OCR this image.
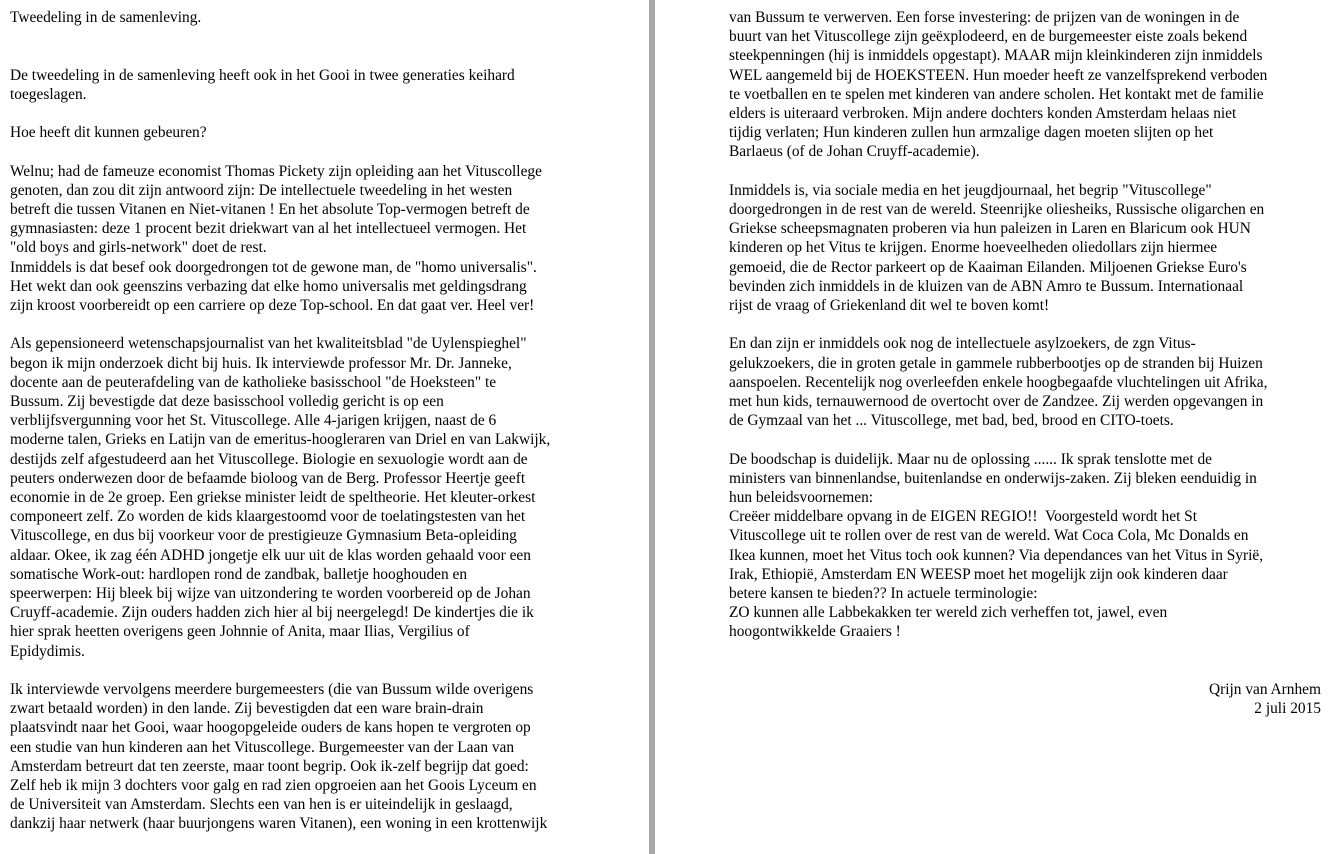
Tweedeling in de samenleving.

De tweedeling in de samenleving heeft ook in het Gooi in twee generaties keihard
toegeslagen.

Hoe heeft dit kunnen gebeuren?

Welnu; had de fameuze economist Thomas Pickety zijn opleiding aan het Vituscollege
genoten, dan zou dit zijn antwoord zijn: De intellectuele tweedeling in het westen
betreft die tussen Vitanen en Niet-vitanen ! En het absolute Top-vermogen betreft de
gymnasiasten: deze 1 procent bezit driekwart van al het intellectueel vermogen. Het
"old boys and girls-network" doet de rest.
Inmiddels is dat besef ook doorgedrongen tot de gewone man, de "homo universalis".
Het wekt dan ook geenszins verbazing dat elke homo universalis met geldingsdrang
zijn kroost voorbereidt op een carriere op deze Top-school. En dat gaat ver. Heel ver!

Als gepensioneerd wetenschapsjournalist van het kwaliteitsblad "de Uylenspieghel"
begon ik mijn onderzoek dicht bij huis. Ik interviewde professor Mr. Dr. Janneke,
docente aan de peuterafdeling van de katholieke basisschool "de Hoeksteen" te
Bussum. Zij bevestigde dat deze basisschool volledig gericht is op een
verblijfsvergunning voor het St. Vituscollege. Alle 4-jarigen krijgen, naast de 6
moderne talen, Grieks en Latijn van de emeritus-hoogleraren van Driel en van Lakwijk,
destijds zelf afgestudeerd aan het Vituscollege. Biologie en sexuologie wordt aan de
peuters onderwezen door de befaamde bioloog van de Berg. Professor Heertje geeft
economie in de 2e groep. Een griekse minister leidt de speltheorie. Het kleuter-orkest
componeert zelf. Zo worden de kids klaargestoomd voor de toelatingstesten van het
Vituscollege, en dus bij voorkeur voor de prestigieuze Gymnasium Beta-opleiding
aldaar. Okee, ik zag één ADHD jongetje elk uur uit de klas worden gehaald voor een
somatische Work-out: hardlopen rond de zandbak, balletje hooghouden en
speerwerpen: Hij bleek bij wijze van uitzondering te worden voorbereid op de Johan
Cruyff-academie. Zijn ouders hadden zich hier al bij neergelegd! De kindertjes die ik
hier sprak heetten overigens geen Johnnie of Anita, maar Ilias, Vergilius of
Epidydimis.

Ik interviewde vervolgens meerdere burgemeesters (die van Bussum wilde overigens
zwart betaald worden) in den lande. Zij bevestigden dat een ware brain-drain
plaatsvindt naar het Gooi, waar hoogopgeleide ouders de kans hopen te vergroten op
een studie van hun kinderen aan het Vituscollege. Burgemeester van der Laan van
Amsterdam betreurt dat ten zeerste, maar toont begrip. Ook ik-zelf begrijp dat goed:
Zelf heb ik mijn 3 dochters voor galg en rad zien opgroeien aan het Goois Lyceum en
de Universiteit van Amsterdam. Slechts een van hen is er uiteindelijk in geslaagd,
dankzij haar netwerk (haar buurjongens waren Vitanen), een woning in een krottenwijk

van Bussum te verwerven. Een forse investering: de prijzen van de woningen in de
buurt van het Vituscollege zijn geëxplodeerd, en de burgemeester eiste zoals bekend
steekpenningen (hij is inmiddels opgestapt). MAAR mijn kleinkinderen zijn inmiddels
WEL aangemeld bij de HOEKSTEEN. Hun moeder heeft ze vanzelfsprekend verboden
te voetballen en te spelen met kinderen van andere scholen. Het kontakt met de familie
elders is uiteraard verbroken. Mijn andere dochters konden Amsterdam helaas niet
tijdig verlaten; Hun kinderen zullen hun armzalige dagen moeten slijten op het
Barlaeus (of de Johan Cruyff-academie).

Inmiddels is, via sociale media en het jeugdjournaal, het begrip "Vituscollege"
doorgedrongen in de rest van de wereld. Steenrijke oliesheiks, Russische oligarchen en
Griekse scheepsmagnaten proberen via hun paleizen in Laren en Blaricum ook HUN
kinderen op het Vitus te krijgen. Enorme hoeveelheden oliedollars zijn hiermee
gemoeid, die de Rector parkeert op de Kaaiman Eilanden. Miljoenen Griekse Euro's
bevinden zich inmiddels in de kluizen van de ABN Amro te Bussum. Internationaal
rijst de vraag of Griekenland dit wel te boven komt!

En dan zijn er inmiddels ook nog de intellectuele asylzoekers, de zgn Vitus-
gelukzoekers, die in groten getale in gammele rubberbootjes op de stranden bij Huizen
aanspoelen. Recentelijk nog overleefden enkele hoogbegaafde vluchtelingen uit Afrika,
met hun kids, ternauwernood de overtocht over de Zandzee. Zij werden opgevangen in
de Gymzaal van het ... Vituscollege, met bad, bed, brood en CITO-toets.

De boodschap is duidelijk. Maar nu de oplossing ...... Ik sprak tenslotte met de
ministers van binnenlandse, buitenlandse en onderwijs-zaken. Zij bleken eenduidig in
hun beleidsvoornemen:
Creëer middelbare opvang in de EIGEN REGIO!!  Voorgesteld wordt het St
Vituscollege uit te rollen over de rest van de wereld. Wat Coca Cola, Mc Donalds en
Ikea kunnen, moet het Vitus toch ook kunnen? Via dependances van het Vitus in Syrië,
Irak, Ethiopië, Amsterdam EN WEESP moet het mogelijk zijn ook kinderen daar
betere kansen te bieden?? In actuele terminologie:
ZO kunnen alle Labbekakken ter wereld zich verheffen tot, jawel, even
hoogontwikkelde Graaiers !

Qrijn van Arnhem

2 juli 2015
